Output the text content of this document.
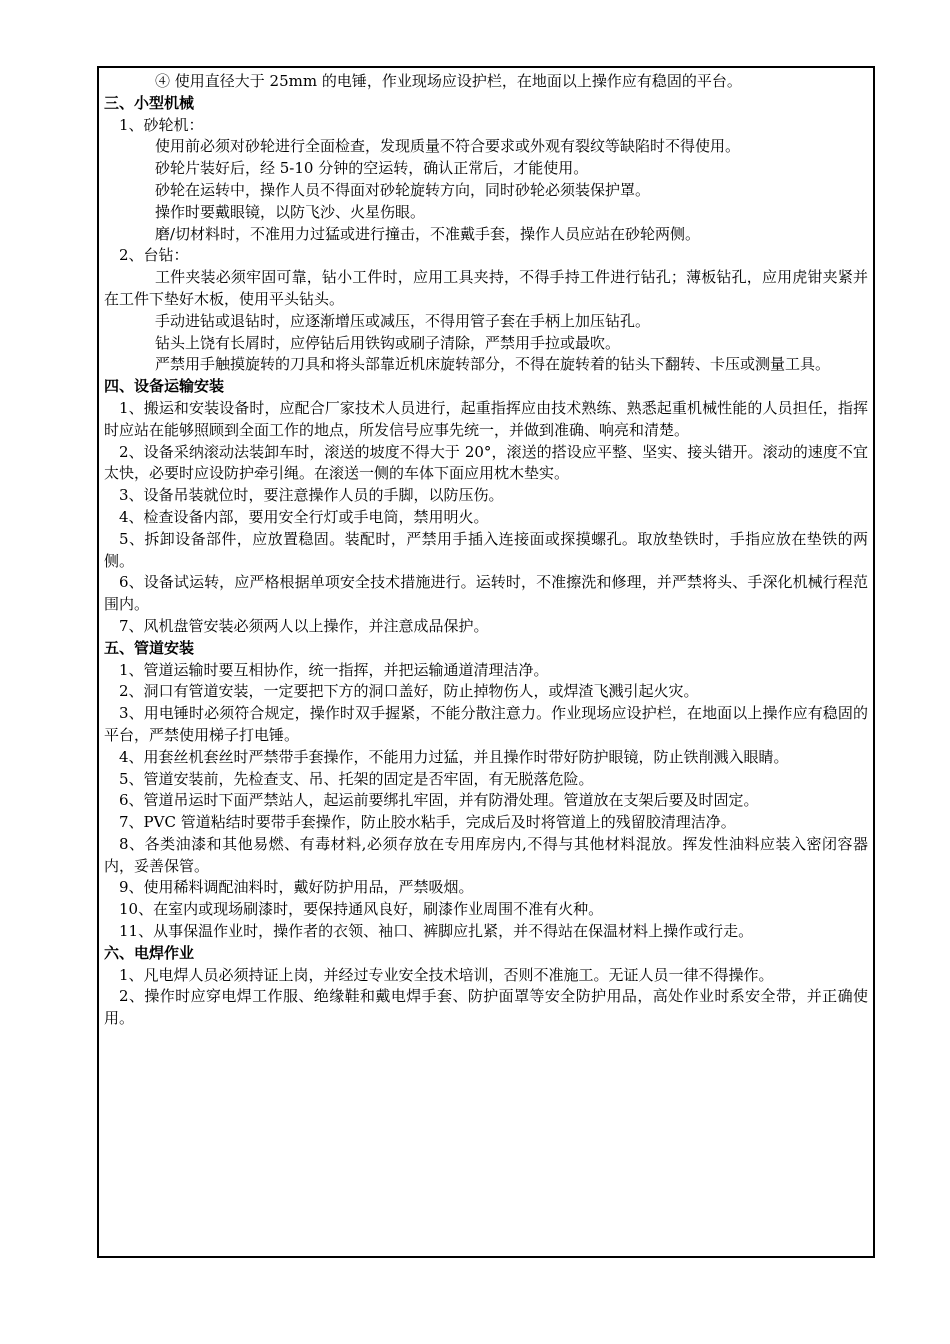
④ 使用直径大于 25mm 的电锤，作业现场应设护栏，在地面以上操作应有稳固的平台。
三、小型机械
1、砂轮机：
使用前必须对砂轮进行全面检查，发现质量不符合要求或外观有裂纹等缺陷时不得使用。
砂轮片装好后，经 5-10 分钟的空运转，确认正常后，才能使用。
砂轮在运转中，操作人员不得面对砂轮旋转方向，同时砂轮必须装保护罩。
操作时要戴眼镜，以防飞沙、火星伤眼。
磨/切材料时，不准用力过猛或进行撞击，不准戴手套，操作人员应站在砂轮两侧。
2、台钻：
工件夹装必须牢固可靠，钻小工件时，应用工具夹持，不得手持工件进行钻孔；薄板钻孔，应用虎钳夹紧并在工件下垫好木板，使用平头钻头。
手动进钻或退钻时，应逐渐增压或减压，不得用管子套在手柄上加压钻孔。
钻头上饶有长屑时，应停钻后用铁钩或刷子清除，严禁用手拉或最吹。
严禁用手触摸旋转的刀具和将头部靠近机床旋转部分，不得在旋转着的钻头下翻转、卡压或测量工具。
四、设备运输安装
1、搬运和安装设备时，应配合厂家技术人员进行，起重指挥应由技术熟练、熟悉起重机械性能的人员担任，指挥时应站在能够照顾到全面工作的地点，所发信号应事先统一，并做到准确、响亮和清楚。
2、设备采纳滚动法装卸车时，滚送的坡度不得大于 20°，滚送的搭设应平整、坚实、接头错开。滚动的速度不宜太快，必要时应设防护牵引绳。在滚送一侧的车体下面应用枕木垫实。
3、设备吊装就位时，要注意操作人员的手脚，以防压伤。
4、检查设备内部，要用安全行灯或手电筒，禁用明火。
5、拆卸设备部件，应放置稳固。装配时，严禁用手插入连接面或探摸螺孔。取放垫铁时，手指应放在垫铁的两侧。
6、设备试运转，应严格根据单项安全技术措施进行。运转时，不准擦洗和修理，并严禁将头、手深化机械行程范围内。
7、风机盘管安装必须两人以上操作，并注意成品保护。
五、管道安装
1、管道运输时要互相协作，统一指挥，并把运输通道清理洁净。
2、洞口有管道安装，一定要把下方的洞口盖好，防止掉物伤人，或焊渣飞溅引起火灾。
3、用电锤时必须符合规定，操作时双手握紧，不能分散注意力。作业现场应设护栏，在地面以上操作应有稳固的平台，严禁使用梯子打电锤。
4、用套丝机套丝时严禁带手套操作，不能用力过猛，并且操作时带好防护眼镜，防止铁削溅入眼睛。
5、管道安装前，先检查支、吊、托架的固定是否牢固，有无脱落危险。
6、管道吊运时下面严禁站人，起运前要绑扎牢固，并有防滑处理。管道放在支架后要及时固定。
7、PVC 管道粘结时要带手套操作，防止胶水粘手，完成后及时将管道上的残留胶清理洁净。
8、各类油漆和其他易燃、有毒材料,必须存放在专用库房内,不得与其他材料混放。挥发性油料应装入密闭容器内，妥善保管。
9、使用稀料调配油料时，戴好防护用品，严禁吸烟。
10、在室内或现场刷漆时，要保持通风良好，刷漆作业周围不准有火种。
11、从事保温作业时，操作者的衣领、袖口、裤脚应扎紧，并不得站在保温材料上操作或行走。
六、电焊作业
1、凡电焊人员必须持证上岗，并经过专业安全技术培训，否则不准施工。无证人员一律不得操作。
2、操作时应穿电焊工作服、绝缘鞋和戴电焊手套、防护面罩等安全防护用品，高处作业时系安全带，并正确使用。
